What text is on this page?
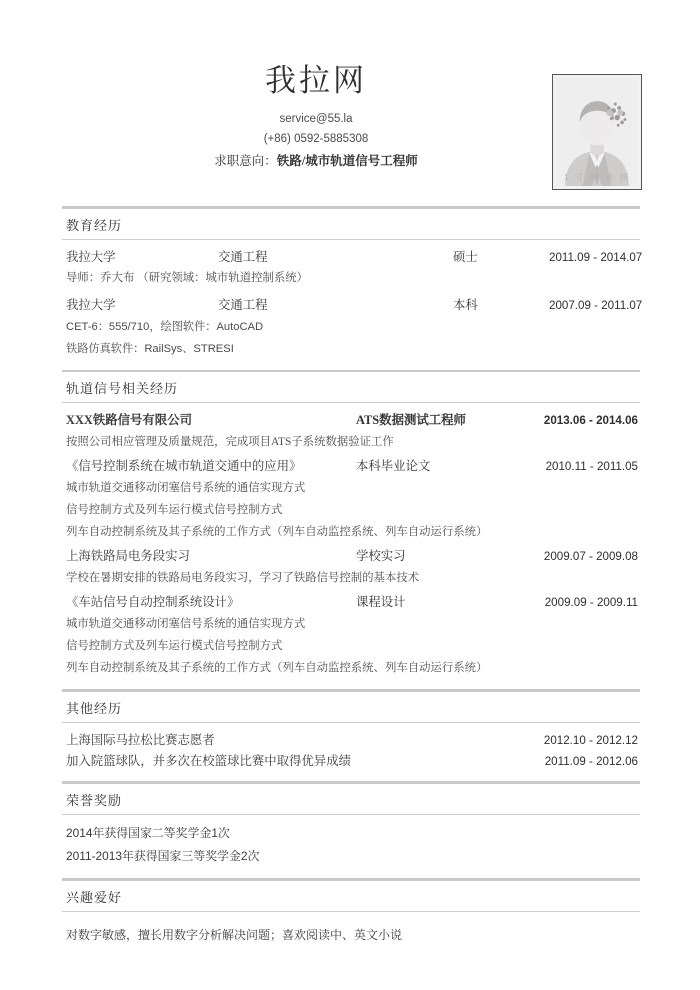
我拉网
service@55.la
(+86) 0592-5885308
求职意向：铁路/城市轨道信号工程师
1 寸 职 业 照
教育经历
我拉大学	交通工程	硕士	2011.09 - 2014.07
导师：乔大布 （研究领域：城市轨道控制系统）
我拉大学	交通工程	本科	2007.09 - 2011.07
CET-6：555/710，绘图软件：AutoCAD
铁路仿真软件：RailSys、STRESI
轨道信号相关经历
XXX铁路信号有限公司	ATS数据测试工程师	2013.06 - 2014.06
按照公司相应管理及质量规范，完成项目ATS子系统数据验证工作
《信号控制系统在城市轨道交通中的应用》	本科毕业论文	2010.11 - 2011.05
城市轨道交通移动闭塞信号系统的通信实现方式
信号控制方式及列车运行模式信号控制方式
列车自动控制系统及其子系统的工作方式（列车自动监控系统、列车自动运行系统）
上海铁路局电务段实习	学校实习	2009.07 - 2009.08
学校在暑期安排的铁路局电务段实习，学习了铁路信号控制的基本技术
《车站信号自动控制系统设计》	课程设计	2009.09 - 2009.11
城市轨道交通移动闭塞信号系统的通信实现方式
信号控制方式及列车运行模式信号控制方式
列车自动控制系统及其子系统的工作方式（列车自动监控系统、列车自动运行系统）
其他经历
上海国际马拉松比赛志愿者	2012.10 - 2012.12
加入院篮球队，并多次在校篮球比赛中取得优异成绩	2011.09 - 2012.06
荣誉奖励
2014年获得国家二等奖学金1次
2011-2013年获得国家三等奖学金2次
兴趣爱好
对数字敏感，擅长用数字分析解决问题；喜欢阅读中、英文小说
